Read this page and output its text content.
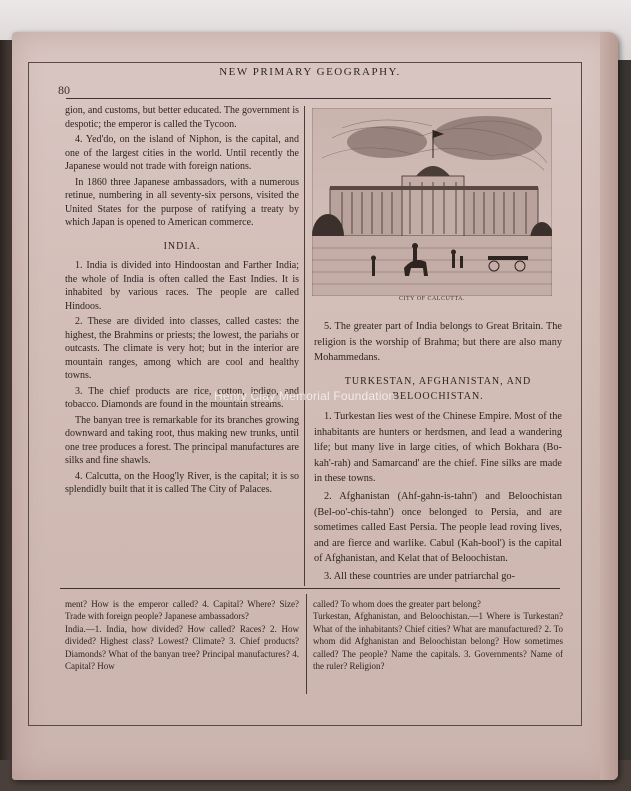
80
NEW PRIMARY GEOGRAPHY.

gion, and customs, but better educated. The government is despotic; the emperor is called the Tycoon.

4. Yed'do, on the island of Niphon, is the capital, and one of the largest cities in the world. Until recently the Japanese would not trade with foreign nations.

In 1860 three Japanese ambassadors, with a numerous retinue, numbering in all seventy-six persons, visited the United States for the purpose of ratifying a treaty by which Japan is opened to American commerce.

INDIA.

1. India is divided into Hindoostan and Farther India; the whole of India is often called the East Indies. It is inhabited by various races. The people are called Hindoos.

2. These are divided into classes, called castes: the highest, the Brahmins or priests; the lowest, the pariahs or outcasts. The climate is very hot; but in the interior are mountain ranges, among which are cool and healthy towns.

3. The chief products are rice, cotton, indigo, and tobacco. Diamonds are found in the mountain streams.

The banyan tree is remarkable for its branches growing downward and taking root, thus making new trunks, until one tree produces a forest. The principal manufactures are silks and fine shawls.

4. Calcutta, on the Hoog'ly River, is the capital; it is so splendidly built that it is called The City of Palaces.

CITY OF CALCUTTA.

5. The greater part of India belongs to Great Britain. The religion is the worship of Brahma; but there are also many Mohammedans.

TURKESTAN, AFGHANISTAN, AND BELOOCHISTAN.

1. Turkestan lies west of the Chinese Empire. Most of the inhabitants are hunters or herdsmen, and lead a wandering life; but many live in large cities, of which Bokhara (Bo-kah'-rah) and Samarcand' are the chief. Fine silks are made in these towns.

2. Afghanistan (Ahf-gahn-is-tahn') and Beloochistan (Bel-oo'-chis-tahn') once belonged to Persia, and are sometimes called East Persia. The people lead roving lives, and are fierce and warlike. Cabul (Kah-bool') is the capital of Afghanistan, and Kelat that of Beloochistan.

3. All these countries are under patriarchal go-

ment? How is the emperor called? 4. Capital? Where? Size? Trade with foreign people? Japanese ambassadors?

India.—1. India, how divided? How called? Races? 2. How divided? Highest class? Lowest? Climate? 3. Chief products? Diamonds? What of the banyan tree? Principal manufactures? 4. Capital? How

called? To whom does the greater part belong?

Turkestan, Afghanistan, and Beloochistan.—1 Where is Turkestan? What of the inhabitants? Chief cities? What are manufactured? 2. To whom did Afghanistan and Beloochistan belong? How sometimes called? The people? Name the capitals. 3. Governments? Name of the ruler? Religion?

Henry Clay Memorial Foundation
